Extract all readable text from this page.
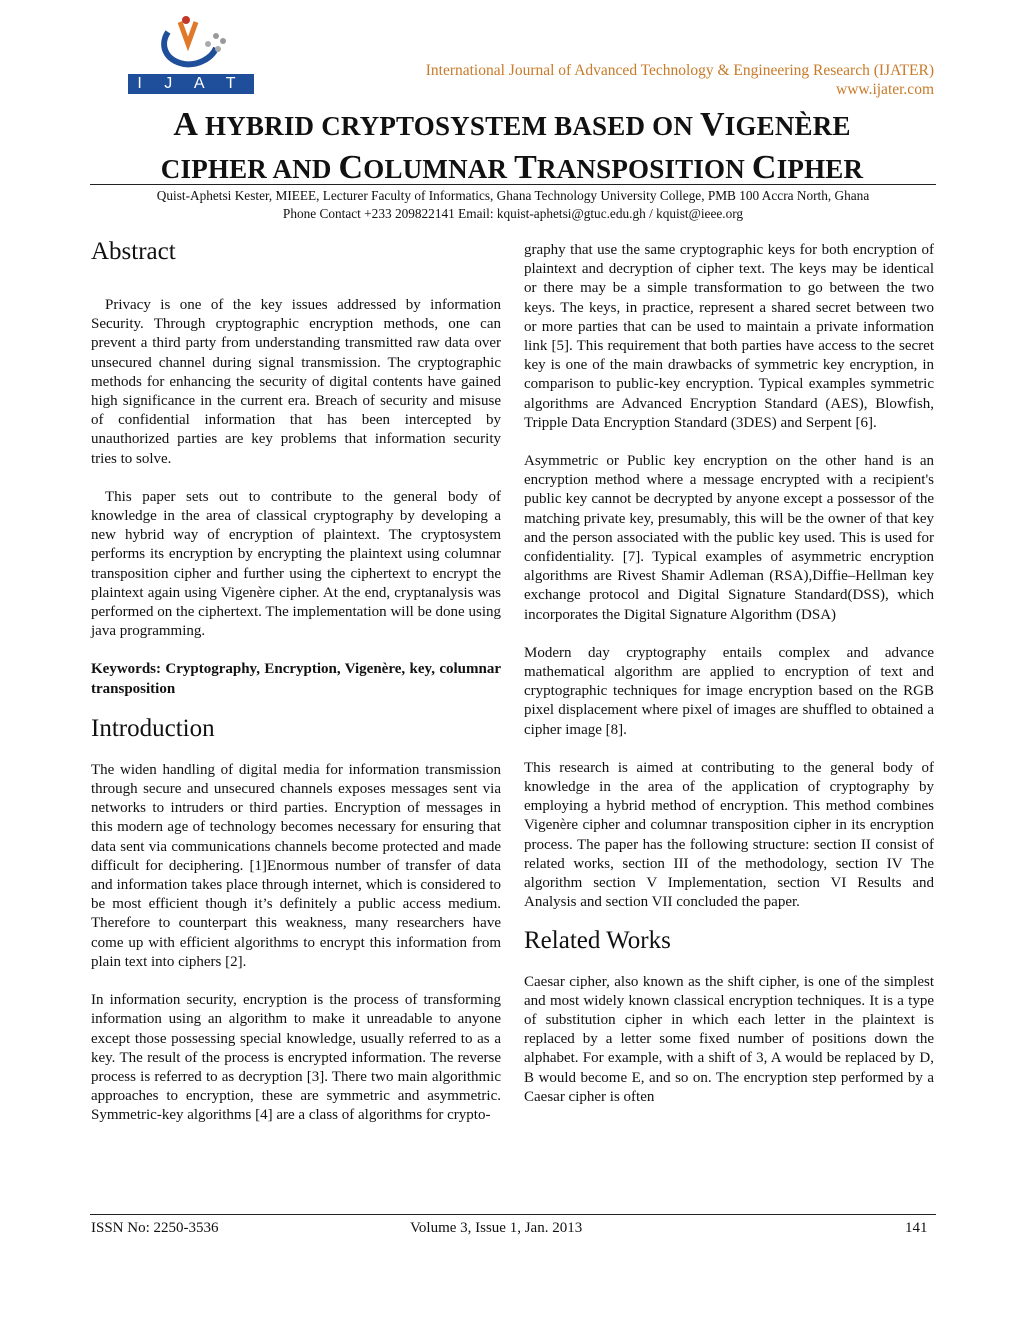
I J A T E R
International Journal of Advanced Technology & Engineering Research (IJATER)
www.ijater.com
A HYBRID CRYPTOSYSTEM BASED ON VIGENÈRE
CIPHER AND COLUMNAR TRANSPOSITION CIPHER
Quist-Aphetsi Kester, MIEEE, Lecturer Faculty of Informatics, Ghana Technology University College, PMB 100 Accra North, Ghana
Phone Contact +233 209822141 Email: kquist-aphetsi@gtuc.edu.gh / kquist@ieee.org
Abstract

Privacy is one of the key issues addressed by information Security. Through cryptographic encryption methods, one can prevent a third party from understanding transmitted raw data over unsecured channel during signal transmission. The cryptographic methods for enhancing the security of digital contents have gained high significance in the current era. Breach of security and misuse of confidential information that has been intercepted by unauthorized parties are key problems that information security tries to solve.

This paper sets out to contribute to the general body of knowledge in the area of classical cryptography by developing a new hybrid way of encryption of plaintext. The cryptosystem performs its encryption by encrypting the plaintext using columnar transposition cipher and further using the ciphertext to encrypt the plaintext again using Vigenère cipher. At the end, cryptanalysis was performed on the ciphertext. The implementation will be done using java programming.

Keywords: Cryptography, Encryption, Vigenère, key, columnar transposition

Introduction

The widen handling of digital media for information transmission through secure and unsecured channels exposes messages sent via networks to intruders or third parties. Encryption of messages in this modern age of technology becomes necessary for ensuring that data sent via communications channels become protected and made difficult for deciphering. [1]Enormous number of transfer of data and information takes place through internet, which is considered to be most efficient though it’s definitely a public access medium. Therefore to counterpart this weakness, many researchers have come up with efficient algorithms to encrypt this information from plain text into ciphers [2].

In information security, encryption is the process of transforming information using an algorithm to make it unreadable to anyone except those possessing special knowledge, usually referred to as a key. The result of the process is encrypted information. The reverse process is referred to as decryption [3]. There two main algorithmic approaches to encryption, these are symmetric and asymmetric. Symmetric-key algorithms [4] are a class of algorithms for crypto-

graphy that use the same cryptographic keys for both encryption of plaintext and decryption of cipher text. The keys may be identical or there may be a simple transformation to go between the two keys. The keys, in practice, represent a shared secret between two or more parties that can be used to maintain a private information link [5]. This requirement that both parties have access to the secret key is one of the main drawbacks of symmetric key encryption, in comparison to public-key encryption. Typical examples symmetric algorithms are Advanced Encryption Standard (AES), Blowfish, Tripple Data Encryption Standard (3DES) and Serpent [6].

Asymmetric or Public key encryption on the other hand is an encryption method where a message encrypted with a recipient's public key cannot be decrypted by anyone except a possessor of the matching private key, presumably, this will be the owner of that key and the person associated with the public key used. This is used for confidentiality. [7]. Typical examples of asymmetric encryption algorithms are Rivest Shamir Adleman (RSA),Diffie–Hellman key exchange protocol and Digital Signature Standard(DSS), which incorporates the Digital Signature Algorithm (DSA)

Modern day cryptography entails complex and advance mathematical algorithm are applied to encryption of text and cryptographic techniques for image encryption based on the RGB pixel displacement where pixel of images are shuffled to obtained a cipher image [8].

This research is aimed at contributing to the general body of knowledge in the area of the application of cryptography by employing a hybrid method of encryption. This method combines Vigenère cipher and columnar transposition cipher in its encryption process. The paper has the following structure: section II consist of related works, section III of the methodology, section IV The algorithm section V Implementation, section VI Results and Analysis and section VII concluded the paper.

Related Works

Caesar cipher, also known as the shift cipher, is one of the simplest and most widely known classical encryption techniques. It is a type of substitution cipher in which each letter in the plaintext is replaced by a letter some fixed number of positions down the alphabet. For example, with a shift of 3, A would be replaced by D, B would become E, and so on. The encryption step performed by a Caesar cipher is often

ISSN No: 2250-3536	Volume 3, Issue 1, Jan. 2013	141
